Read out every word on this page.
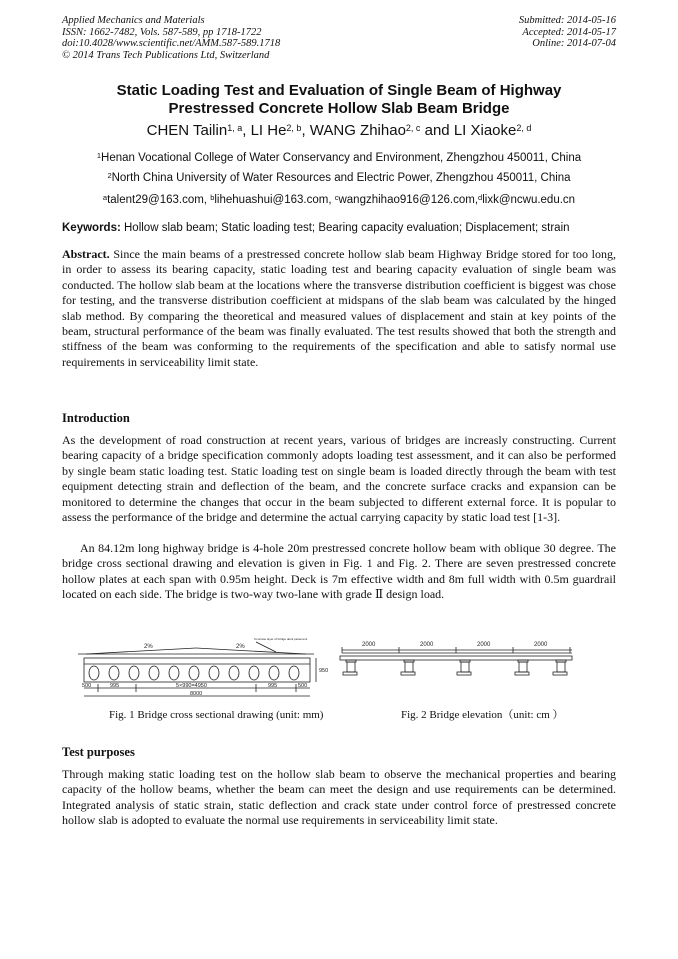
Applied Mechanics and Materials
ISSN: 1662-7482, Vols. 587-589, pp 1718-1722
doi:10.4028/www.scientific.net/AMM.587-589.1718
© 2014 Trans Tech Publications Ltd, Switzerland
Submitted: 2014-05-16
Accepted: 2014-05-17
Online: 2014-07-04
Static Loading Test and Evaluation of Single Beam of Highway
Prestressed Concrete Hollow Slab Beam Bridge
CHEN Tailin$^{1, a}$, LI He$^{2, b}$, WANG Zhihao$^{2, c}$ and LI Xiaoke$^{2, d}$
$^1$Henan Vocational College of Water Conservancy and Environment, Zhengzhou 450011, China
$^2$North China University of Water Resources and Electric Power, Zhengzhou 450011, China
$^a$talent29@163.com, $^b$lihehuashui@163.com, $^c$wangzhihao916@126.com,$^d$lixk@ncwu.edu.cn
Keywords: Hollow slab beam; Static loading test; Bearing capacity evaluation; Displacement; strain
Abstract. Since the main beams of a prestressed concrete hollow slab beam Highway Bridge stored for too long, in order to assess its bearing capacity, static loading test and bearing capacity evaluation of single beam was conducted. The hollow slab beam at the locations where the transverse distribution coefficient is biggest was chose for testing, and the transverse distribution coefficient at midspans of the slab beam was calculated by the hinged slab method. By comparing the theoretical and measured values of displacement and stain at key points of the beam, structural performance of the beam was finally evaluated. The test results showed that both the strength and stiffness of the beam was conforming to the requirements of the specification and able to satisfy normal use requirements in serviceability limit state.
Introduction
As the development of road construction at recent years, various of bridges are increasly constructing. Current bearing capacity of a bridge specification commonly adopts loading test assessment, and it can also be performed by single beam static loading test. Static loading test on single beam is loaded directly through the beam with test equipment detecting strain and deflection of the beam, and the concrete surface cracks and expansion can be monitored to determine the changes that occur in the beam subjected to different external force. It is popular to assess the performance of the bridge and determine the actual carrying capacity by static load test [1-3].
An 84.12m long highway bridge is 4-hole 20m prestressed concrete hollow beam with oblique 30 degree. The bridge cross sectional drawing and elevation is given in Fig. 1 and Fig. 2. There are seven prestressed concrete hollow plates at each span with 0.95m height. Deck is 7m effective width and 8m full width with 0.5m guardrail located on each side. The bridge is two-way two-lane with grade Ⅱ design load.
2%	2%
Concrete layer of bridge deck pavement
950
500	995	5×990=4950	995	500
8000
2000	2000	2000	2000
Fig. 1 Bridge cross sectional drawing (unit: mm)	Fig. 2 Bridge elevation（unit: cm ）
Test purposes
Through making static loading test on the hollow slab beam to observe the mechanical properties and bearing capacity of the hollow beams, whether the beam can meet the design and use requirements can be determined. Integrated analysis of static strain, static deflection and crack state under control force of prestressed concrete hollow slab is adopted to evaluate the normal use requirements in serviceability limit state.
